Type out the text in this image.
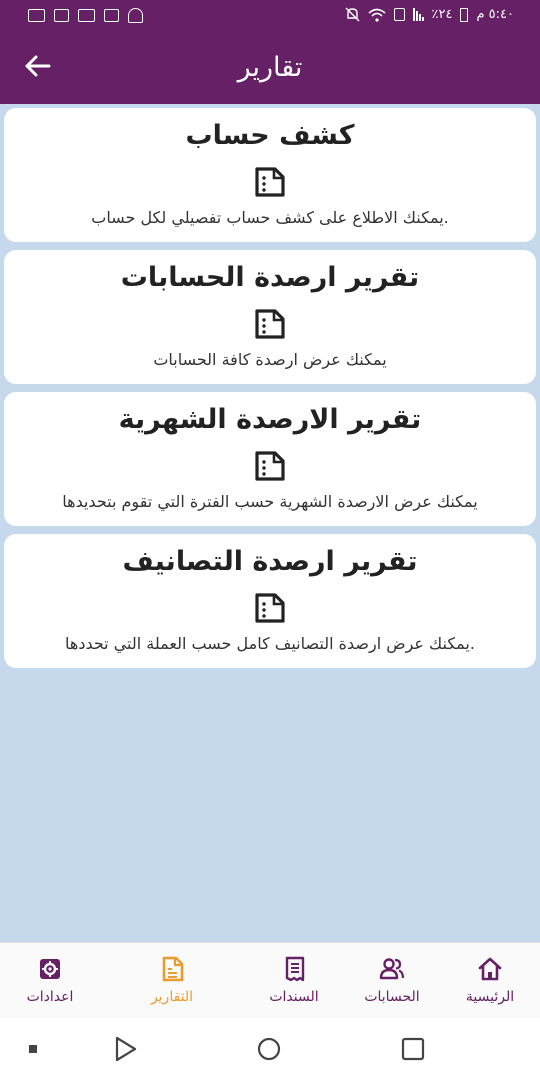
٥:٤٠ م
٢٤٪
تقارير
كشف حساب
.يمكنك الاطلاع على كشف حساب تفصيلي لكل حساب
تقرير ارصدة الحسابات
يمكنك عرض ارصدة كافة الحسابات
تقرير الارصدة الشهرية
يمكنك عرض الارصدة الشهرية حسب الفترة التي تقوم بتحديدها
تقرير ارصدة التصانيف
.يمكنك عرض ارصدة التصانيف كامل حسب العملة التي تحددها
اعدادات	التقارير	السندات	الحسابات	الرئيسية
